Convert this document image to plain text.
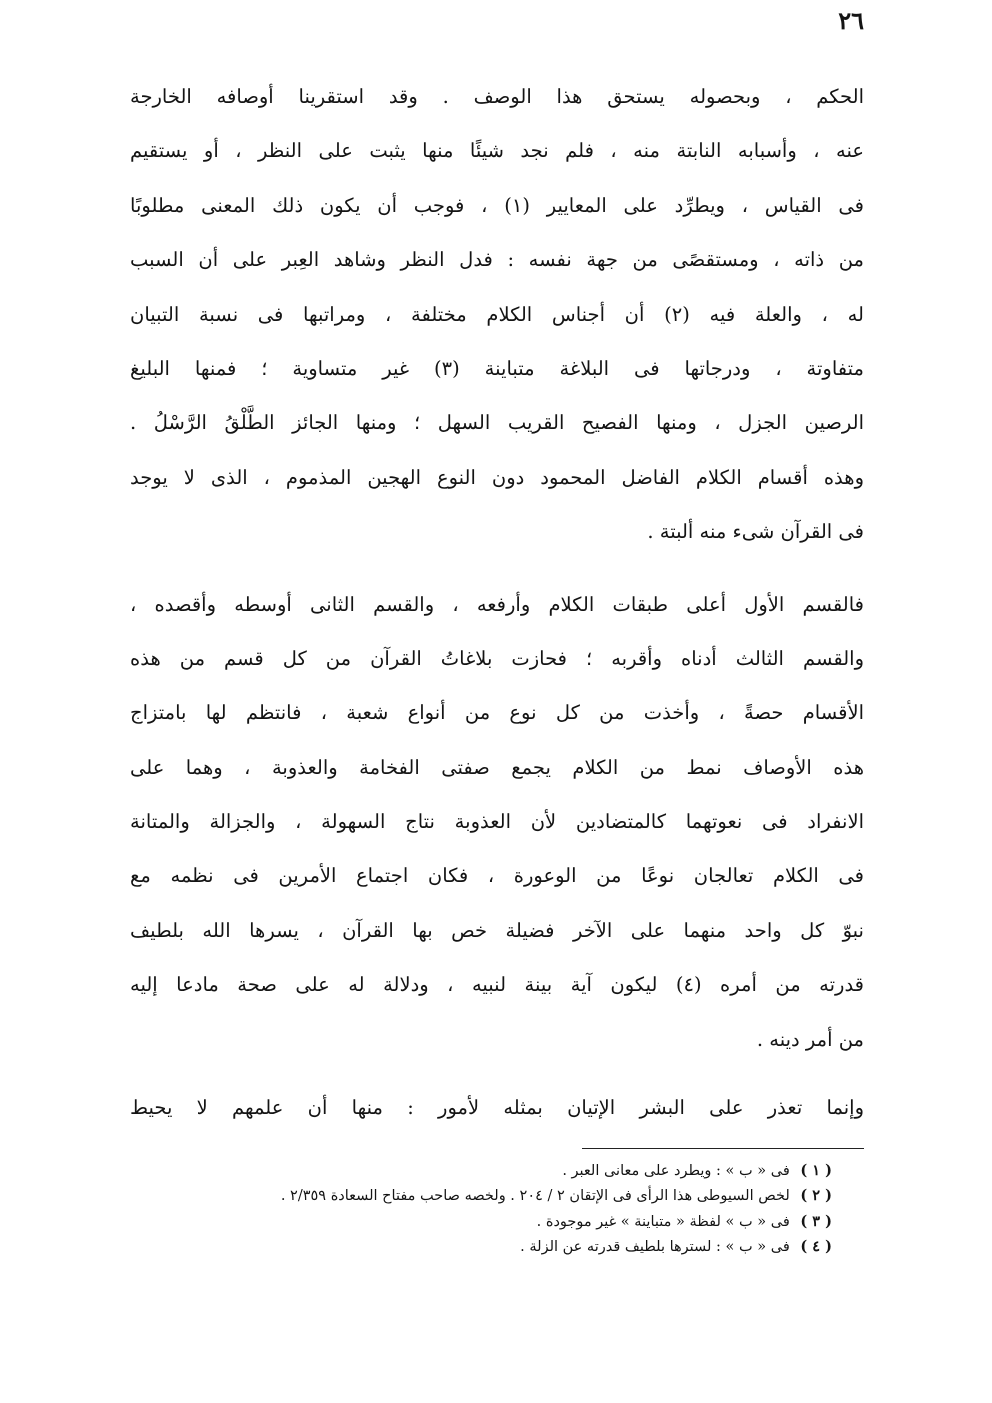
٢٦
الحكم ، وبحصوله يستحق هذا الوصف . وقد استقرينا أوصافه الخارجة
عنه ، وأسبابه النابتة منه ، فلم نجد شيئًا منها يثبت على النظر ، أو يستقيم
فى القياس ، ويطرِّد على المعايير (١) ، فوجب أن يكون ذلك المعنى مطلوبًا
من ذاته ، ومستقصًى من جهة نفسه : فدل النظر وشاهد العِبر على أن السبب
له ، والعلة فيه (٢) أن أجناس الكلام مختلفة ، ومراتبها فى نسبة التبيان
متفاوتة ، ودرجاتها فى البلاغة متباينة (٣) غير متساوية ؛ فمنها البليغ
الرصين الجزل ، ومنها الفصيح القريب السهل ؛ ومنها الجائز الطَّلْقُ الرَّسْلُ .
وهذه أقسام الكلام الفاضل المحمود دون النوع الهجين المذموم ، الذى لا يوجد
فى القرآن شىء منه ألبتة .
فالقسم الأول أعلى طبقات الكلام وأرفعه ، والقسم الثانى أوسطه وأقصده ،
والقسم الثالث أدناه وأقربه ؛ فحازت بلاغاتُ القرآن من كل قسم من هذه
الأقسام حصةً ، وأخذت من كل نوع من أنواع شعبة ، فانتظم لها بامتزاج
هذه الأوصاف نمط من الكلام يجمع صفتى الفخامة والعذوبة ، وهما على
الانفراد فى نعوتهما كالمتضادين لأن العذوبة نتاج السهولة ، والجزالة والمتانة
فى الكلام تعالجان نوعًا من الوعورة ، فكان اجتماع الأمرين فى نظمه مع
نبوّ كل واحد منهما على الآخر فضيلة خص بها القرآن ، يسرها الله بلطيف
قدرته من أمره (٤) ليكون آية بينة لنبيه ، ودلالة له على صحة مادعا إليه
من أمر دينه .
وإنما تعذر على البشر الإتيان بمثله لأمور : منها أن علمهم لا يحيط
( ١ ) فى « ب » : ويطرد على معانى العبر .
( ٢ ) لخص السيوطى هذا الرأى فى الإتقان ٢ / ٢٠٤ . ولخصه صاحب مفتاح السعادة ٢/٣٥٩ .
( ٣ ) فى « ب » لفظة « متباينة » غير موجودة .
( ٤ ) فى « ب » : لسترها بلطيف قدرته عن الزلة .
